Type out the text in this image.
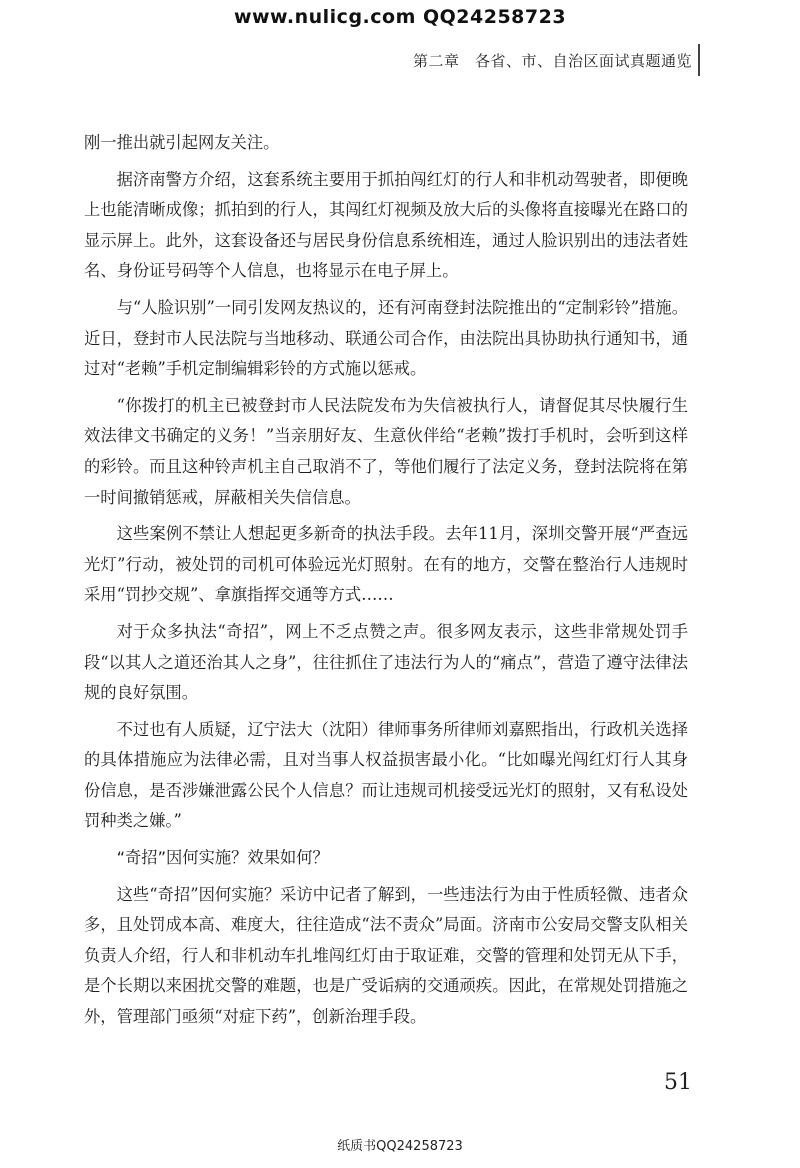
www.nulicg.com QQ24258723
第二章　各省、市、自治区面试真题通览

刚一推出就引起网友关注。

据济南警方介绍，这套系统主要用于抓拍闯红灯的行人和非机动驾驶者，即便晚上也能清晰成像；抓拍到的行人，其闯红灯视频及放大后的头像将直接曝光在路口的显示屏上。此外，这套设备还与居民身份信息系统相连，通过人脸识别出的违法者姓名、身份证号码等个人信息，也将显示在电子屏上。

与“人脸识别”一同引发网友热议的，还有河南登封法院推出的“定制彩铃”措施。近日，登封市人民法院与当地移动、联通公司合作，由法院出具协助执行通知书，通过对“老赖”手机定制编辑彩铃的方式施以惩戒。

“你拨打的机主已被登封市人民法院发布为失信被执行人，请督促其尽快履行生效法律文书确定的义务！”当亲朋好友、生意伙伴给“老赖”拨打手机时，会听到这样的彩铃。而且这种铃声机主自己取消不了，等他们履行了法定义务，登封法院将在第一时间撤销惩戒，屏蔽相关失信信息。

这些案例不禁让人想起更多新奇的执法手段。去年11月，深圳交警开展“严查远光灯”行动，被处罚的司机可体验远光灯照射。在有的地方，交警在整治行人违规时采用“罚抄交规”、拿旗指挥交通等方式……

对于众多执法“奇招”，网上不乏点赞之声。很多网友表示，这些非常规处罚手段“以其人之道还治其人之身”，往往抓住了违法行为人的“痛点”，营造了遵守法律法规的良好氛围。

不过也有人质疑，辽宁法大（沈阳）律师事务所律师刘嘉熙指出，行政机关选择的具体措施应为法律必需，且对当事人权益损害最小化。“比如曝光闯红灯行人其身份信息，是否涉嫌泄露公民个人信息？而让违规司机接受远光灯的照射，又有私设处罚种类之嫌。”

“奇招”因何实施？效果如何？

这些“奇招”因何实施？采访中记者了解到，一些违法行为由于性质轻微、违者众多，且处罚成本高、难度大，往往造成“法不责众”局面。济南市公安局交警支队相关负责人介绍，行人和非机动车扎堆闯红灯由于取证难，交警的管理和处罚无从下手，是个长期以来困扰交警的难题，也是广受诟病的交通顽疾。因此，在常规处罚措施之外，管理部门亟须“对症下药”，创新治理手段。

51
纸质书QQ24258723
